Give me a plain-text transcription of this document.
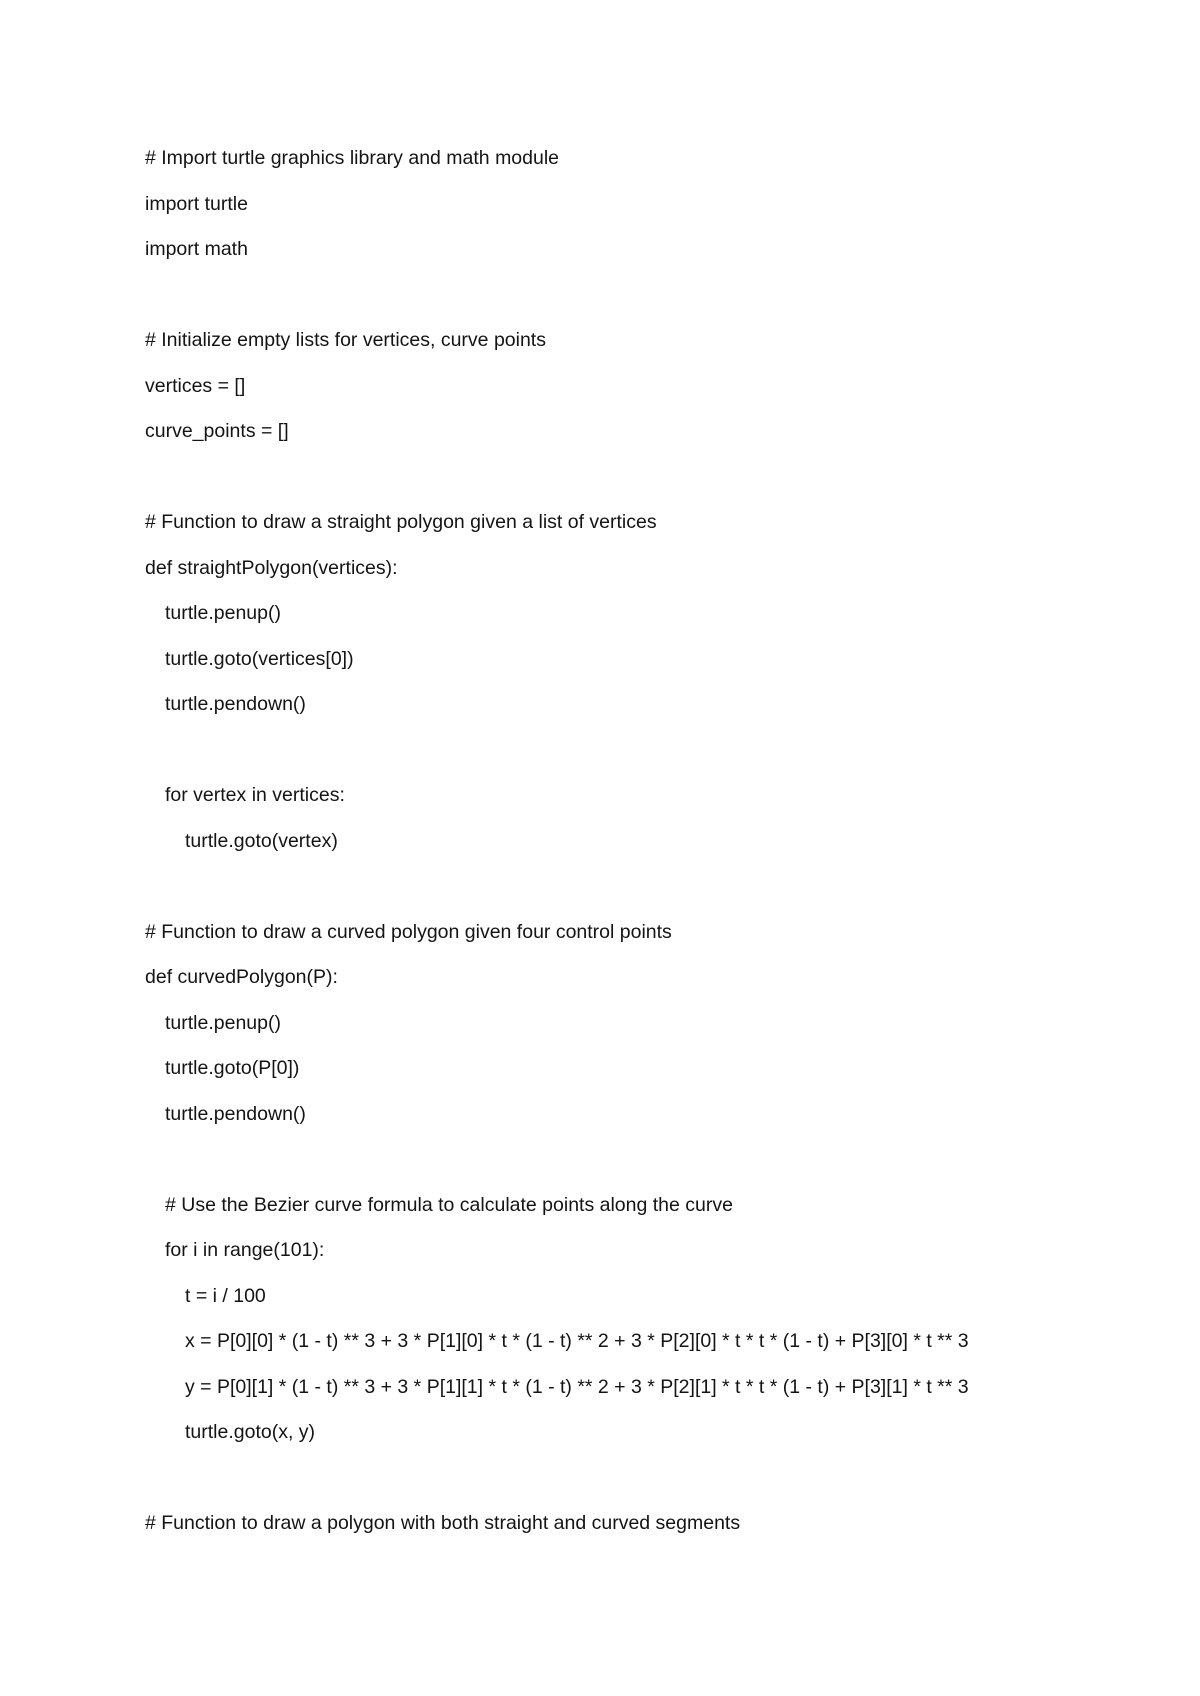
# Import turtle graphics library and math module
import turtle
import math
# Initialize empty lists for vertices, curve points
vertices = []
curve_points = []
# Function to draw a straight polygon given a list of vertices
def straightPolygon(vertices):
turtle.penup()
turtle.goto(vertices[0])
turtle.pendown()
for vertex in vertices:
turtle.goto(vertex)
# Function to draw a curved polygon given four control points
def curvedPolygon(P):
turtle.penup()
turtle.goto(P[0])
turtle.pendown()
# Use the Bezier curve formula to calculate points along the curve
for i in range(101):
t = i / 100
x = P[0][0] * (1 - t) ** 3 + 3 * P[1][0] * t * (1 - t) ** 2 + 3 * P[2][0] * t * t * (1 - t) + P[3][0] * t ** 3
y = P[0][1] * (1 - t) ** 3 + 3 * P[1][1] * t * (1 - t) ** 2 + 3 * P[2][1] * t * t * (1 - t) + P[3][1] * t ** 3
turtle.goto(x, y)
# Function to draw a polygon with both straight and curved segments
